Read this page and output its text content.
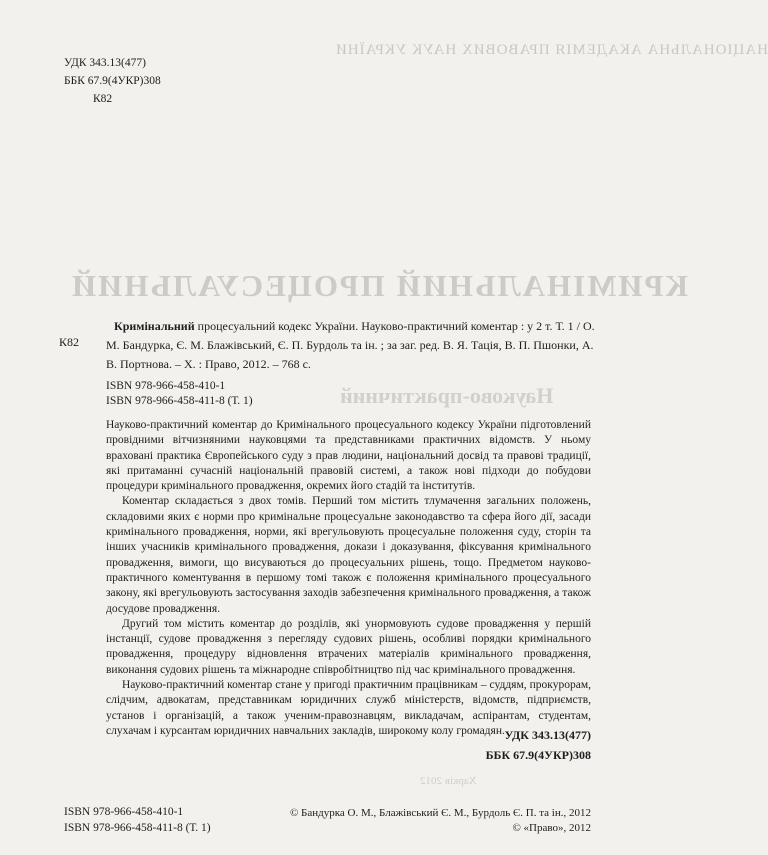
НАЦІОНАЛЬНА АКАДЕМІЯ ПРАВОВИХ НАУК УКРАЇНИ
КРИМІНАЛЬНИЙ ПРОЦЕСУАЛЬНИЙ
Науково-практичний
Харків 2012
УДК 343.13(477)
ББК 67.9(4УКР)308
К82
К82
Кримінальний процесуальний кодекс України. Науково-практичний коментар : у 2 т. Т. 1 / О. М. Бандурка, Є. М. Блажівський, Є. П. Бурдоль та ін. ; за заг. ред. В. Я. Тація, В. П. Пшонки, А. В. Портнова. – Х. : Право, 2012. – 768 с.
ISBN 978-966-458-410-1
ISBN 978-966-458-411-8 (Т. 1)

Науково-практичний коментар до Кримінального процесуального кодексу України підготовлений провідними вітчизняними науковцями та представниками практичних відомств. У ньому враховані практика Європейського суду з прав людини, національний досвід та правові традиції, які притаманні сучасній національній правовій системі, а також нові підходи до побудови процедури кримінального провадження, окремих його стадій та інститутів.

Коментар складається з двох томів. Перший том містить тлумачення загальних положень, складовими яких є норми про кримінальне процесуальне законодавство та сфера його дії, засади кримінального провадження, норми, які врегульовують процесуальне положення суду, сторін та інших учасників кримінального провадження, докази і доказування, фіксування кримінального провадження, вимоги, що висуваються до процесуальних рішень, тощо. Предметом науково-практичного коментування в першому томі також є положення кримінального процесуального закону, які врегульовують застосування заходів забезпечення кримінального провадження, а також досудове провадження.

Другий том містить коментар до розділів, які унормовують судове провадження у першій інстанції, судове провадження з перегляду судових рішень, особливі порядки кримінального провадження, процедуру відновлення втрачених матеріалів кримінального провадження, виконання судових рішень та міжнародне співробітництво під час кримінального провадження.

Науково-практичний коментар стане у пригоді практичним працівникам – суддям, прокурорам, слідчим, адвокатам, представникам юридичних служб міністерств, відомств, підприємств, установ і організацій, а також ученим-правознавцям, викладачам, аспірантам, студентам, слухачам і курсантам юридичних навчальних закладів, широкому колу громадян. УДК 343.13(477)
ББК 67.9(4УКР)308
ISBN 978-966-458-410-1
ISBN 978-966-458-411-8 (Т. 1)
© Бандурка О. М., Блажівський Є. М., Бурдоль Є. П. та ін., 2012
© «Право», 2012
